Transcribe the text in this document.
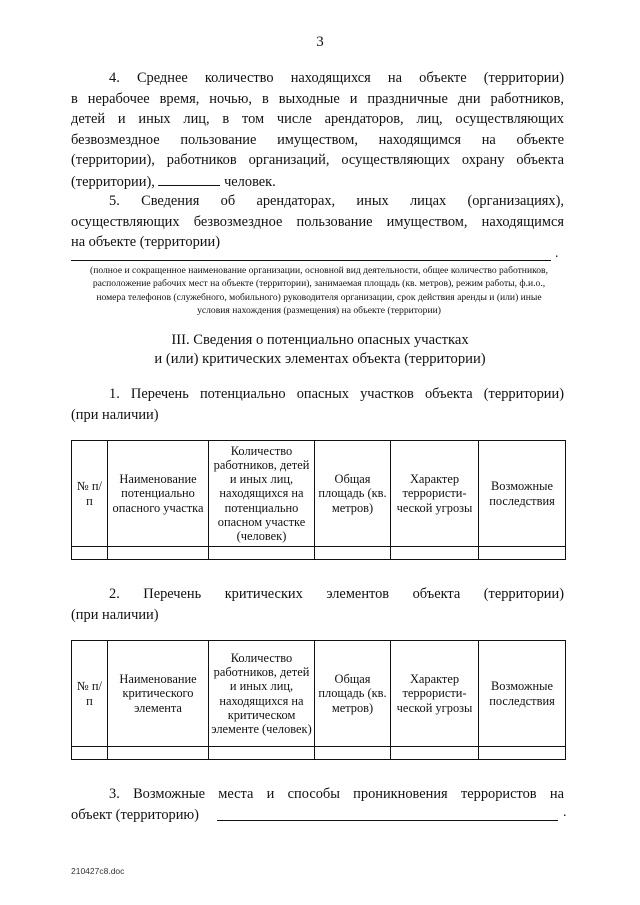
3
4. Среднее количество находящихся на объекте (территории)
в нерабочее время, ночью, в выходные и праздничные дни работников,
детей и иных лиц, в том числе арендаторов, лиц, осуществляющих
безвозмездное пользование имуществом, находящимся на объекте
(территории), работников организаций, осуществляющих охрану объекта
(территории),	человек.
5. Сведения об арендаторах, иных лицах (организациях),
осуществляющих безвозмездное пользование имуществом, находящимся
на объекте (территории)
.
(полное и сокращенное наименование организации, основной вид деятельности, общее количество работников, расположение рабочих мест на объекте (территории), занимаемая площадь (кв. метров), режим работы, ф.и.о., номера телефонов (служебного, мобильного) руководителя организации, срок действия аренды и (или) иные условия нахождения (размещения) на объекте (территории)
III. Сведения о потенциально опасных участках
и (или) критических элементах объекта (территории)
1. Перечень потенциально опасных участков объекта (территории)
(при наличии)
№ п/п	Наименование потенциально опасного участка	Количество работников, детей и иных лиц, находящихся на потенциально опасном участке (человек)	Общая площадь (кв. метров)	Характер террористи-ческой угрозы	Возможные последствия

2. Перечень критических элементов объекта (территории)
(при наличии)
№ п/п	Наименование критического элемента	Количество работников, детей и иных лиц, находящихся на критическом элементе (человек)	Общая площадь (кв. метров)	Характер террористи-ческой угрозы	Возможные последствия

3. Возможные места и способы проникновения террористов на
объект (территорию)	.
210427с8.doc
